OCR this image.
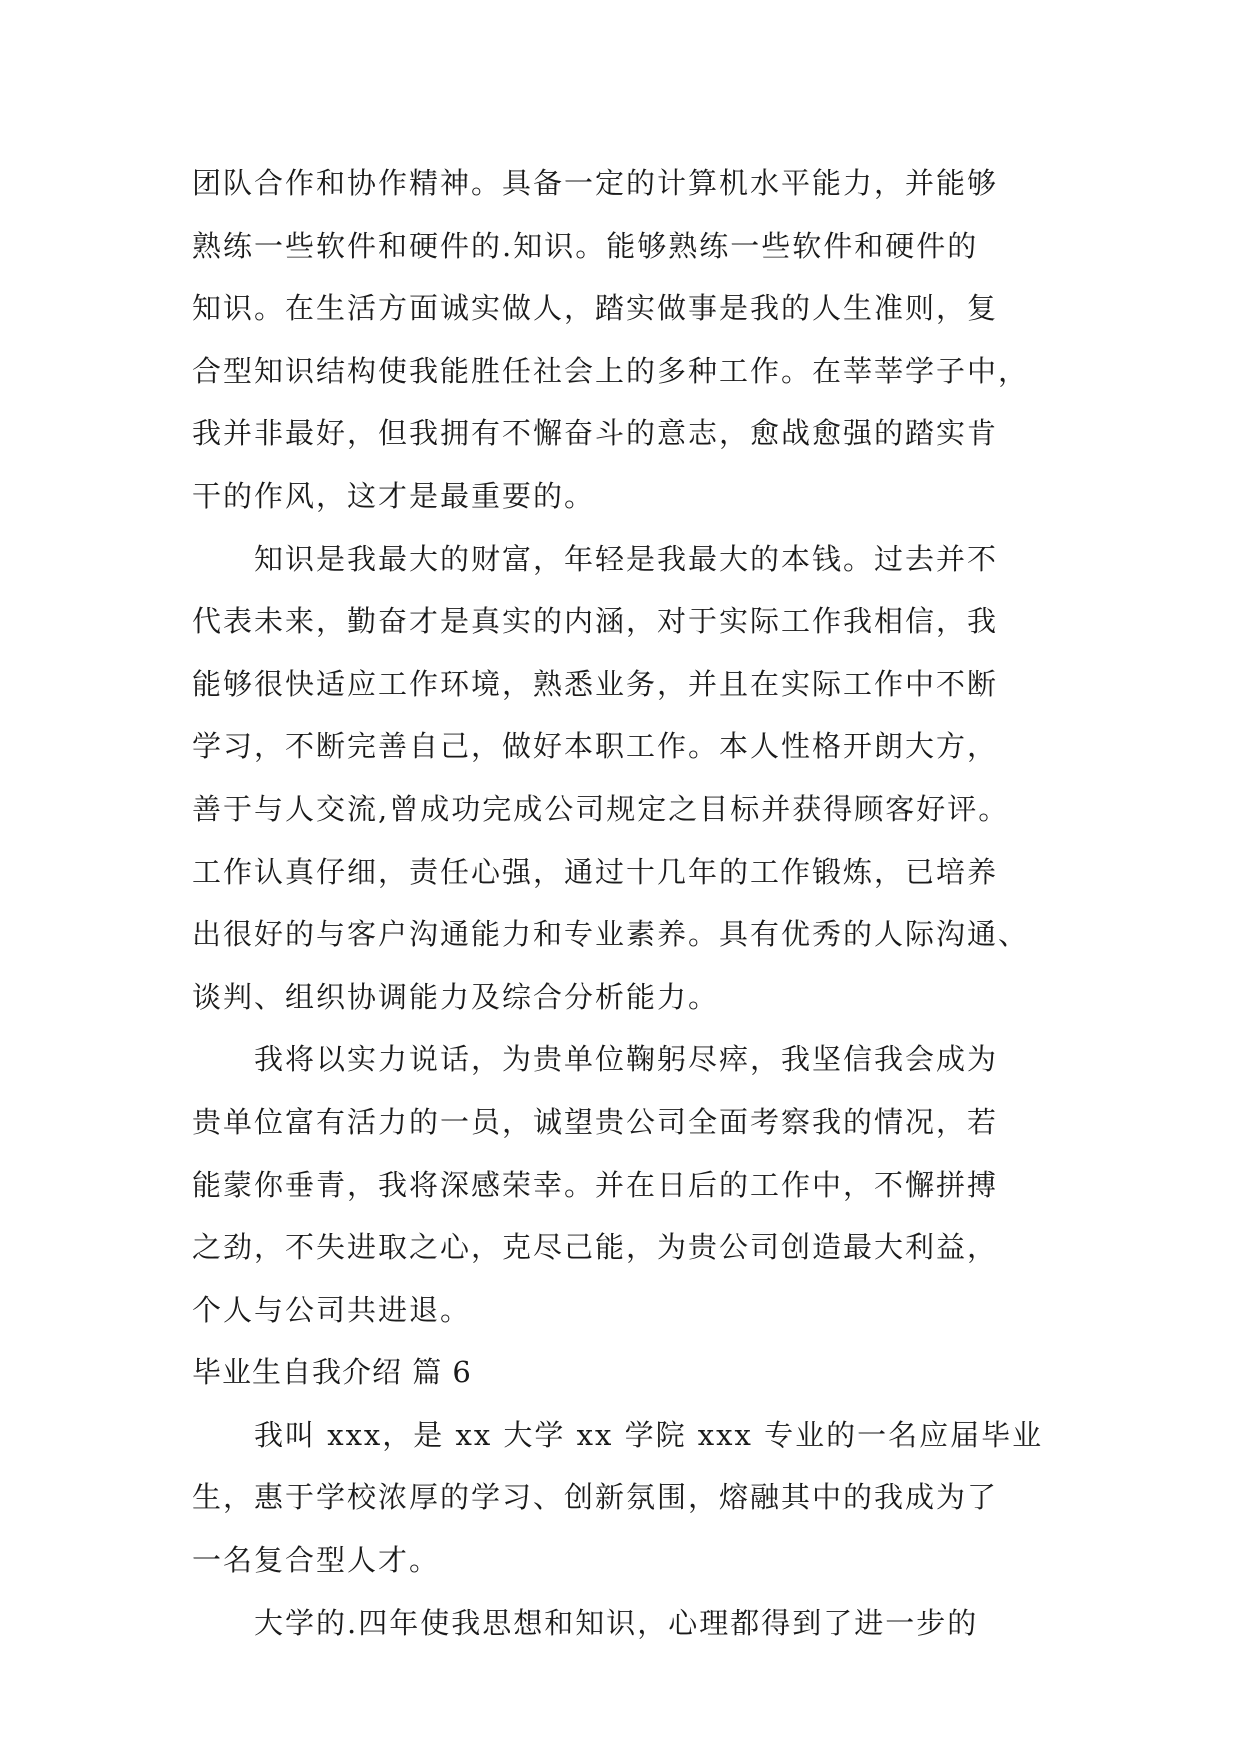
团队合作和协作精神。具备一定的计算机水平能力，并能够
熟练一些软件和硬件的.知识。能够熟练一些软件和硬件的
知识。在生活方面诚实做人，踏实做事是我的人生准则，复
合型知识结构使我能胜任社会上的多种工作。在莘莘学子中，
我并非最好，但我拥有不懈奋斗的意志，愈战愈强的踏实肯
干的作风，这才是最重要的。
知识是我最大的财富，年轻是我最大的本钱。过去并不
代表未来，勤奋才是真实的内涵，对于实际工作我相信，我
能够很快适应工作环境，熟悉业务，并且在实际工作中不断
学习，不断完善自己，做好本职工作。本人性格开朗大方，
善于与人交流,曾成功完成公司规定之目标并获得顾客好评。
工作认真仔细，责任心强，通过十几年的工作锻炼，已培养
出很好的与客户沟通能力和专业素养。具有优秀的人际沟通、
谈判、组织协调能力及综合分析能力。
我将以实力说话，为贵单位鞠躬尽瘁，我坚信我会成为
贵单位富有活力的一员，诚望贵公司全面考察我的情况，若
能蒙你垂青，我将深感荣幸。并在日后的工作中，不懈拼搏
之劲，不失进取之心，克尽己能，为贵公司创造最大利益，
个人与公司共进退。
毕业生自我介绍 篇 6
我叫 xxx，是 xx 大学 xx 学院 xxx 专业的一名应届毕业
生，惠于学校浓厚的学习、创新氛围，熔融其中的我成为了
一名复合型人才。
大学的.四年使我思想和知识，心理都得到了进一步的
